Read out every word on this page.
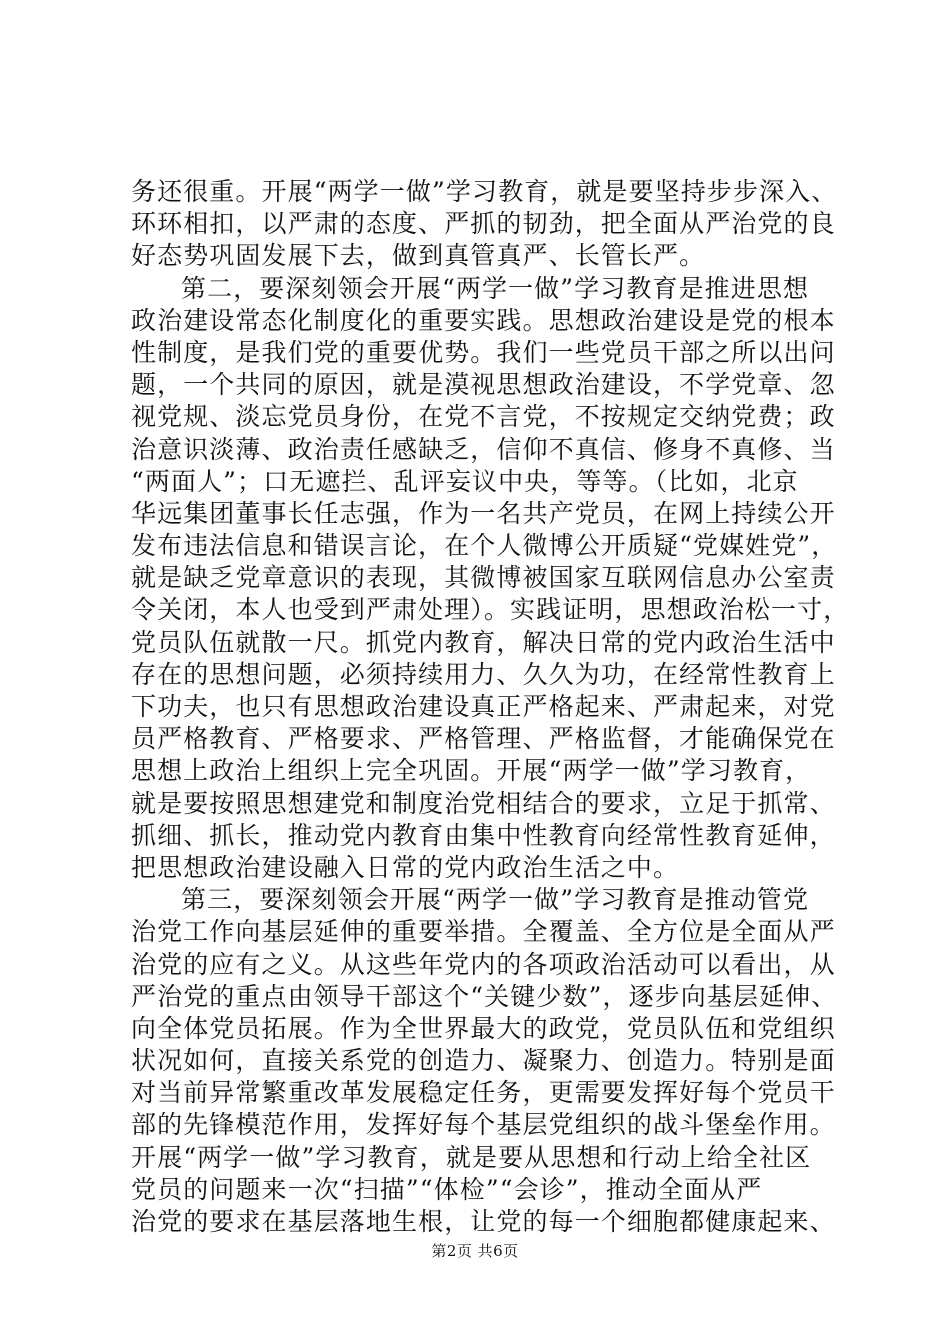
务还很重。开展“两学一做”学习教育，就是要坚持步步深入、
环环相扣，以严肃的态度、严抓的韧劲，把全面从严治党的良
好态势巩固发展下去，做到真管真严、长管长严。
第二，要深刻领会开展“两学一做”学习教育是推进思想
政治建设常态化制度化的重要实践。思想政治建设是党的根本
性制度，是我们党的重要优势。我们一些党员干部之所以出问
题，一个共同的原因，就是漠视思想政治建设，不学党章、忽
视党规、淡忘党员身份，在党不言党，不按规定交纳党费；政
治意识淡薄、政治责任感缺乏，信仰不真信、修身不真修、当
“两面人”；口无遮拦、乱评妄议中央，等等。（比如，北京
华远集团董事长任志强，作为一名共产党员，在网上持续公开
发布违法信息和错误言论，在个人微博公开质疑“党媒姓党”，
就是缺乏党章意识的表现，其微博被国家互联网信息办公室责
令关闭，本人也受到严肃处理）。实践证明，思想政治松一寸，
党员队伍就散一尺。抓党内教育，解决日常的党内政治生活中
存在的思想问题，必须持续用力、久久为功，在经常性教育上
下功夫，也只有思想政治建设真正严格起来、严肃起来，对党
员严格教育、严格要求、严格管理、严格监督，才能确保党在
思想上政治上组织上完全巩固。开展“两学一做”学习教育，
就是要按照思想建党和制度治党相结合的要求，立足于抓常、
抓细、抓长，推动党内教育由集中性教育向经常性教育延伸，
把思想政治建设融入日常的党内政治生活之中。
第三，要深刻领会开展“两学一做”学习教育是推动管党
治党工作向基层延伸的重要举措。全覆盖、全方位是全面从严
治党的应有之义。从这些年党内的各项政治活动可以看出，从
严治党的重点由领导干部这个“关键少数”，逐步向基层延伸、
向全体党员拓展。作为全世界最大的政党，党员队伍和党组织
状况如何，直接关系党的创造力、凝聚力、创造力。特别是面
对当前异常繁重改革发展稳定任务，更需要发挥好每个党员干
部的先锋模范作用，发挥好每个基层党组织的战斗堡垒作用。
开展“两学一做”学习教育，就是要从思想和行动上给全社区
党员的问题来一次“扫描”“体检”“会诊”，推动全面从严
治党的要求在基层落地生根，让党的每一个细胞都健康起来、
第2页 共6页
